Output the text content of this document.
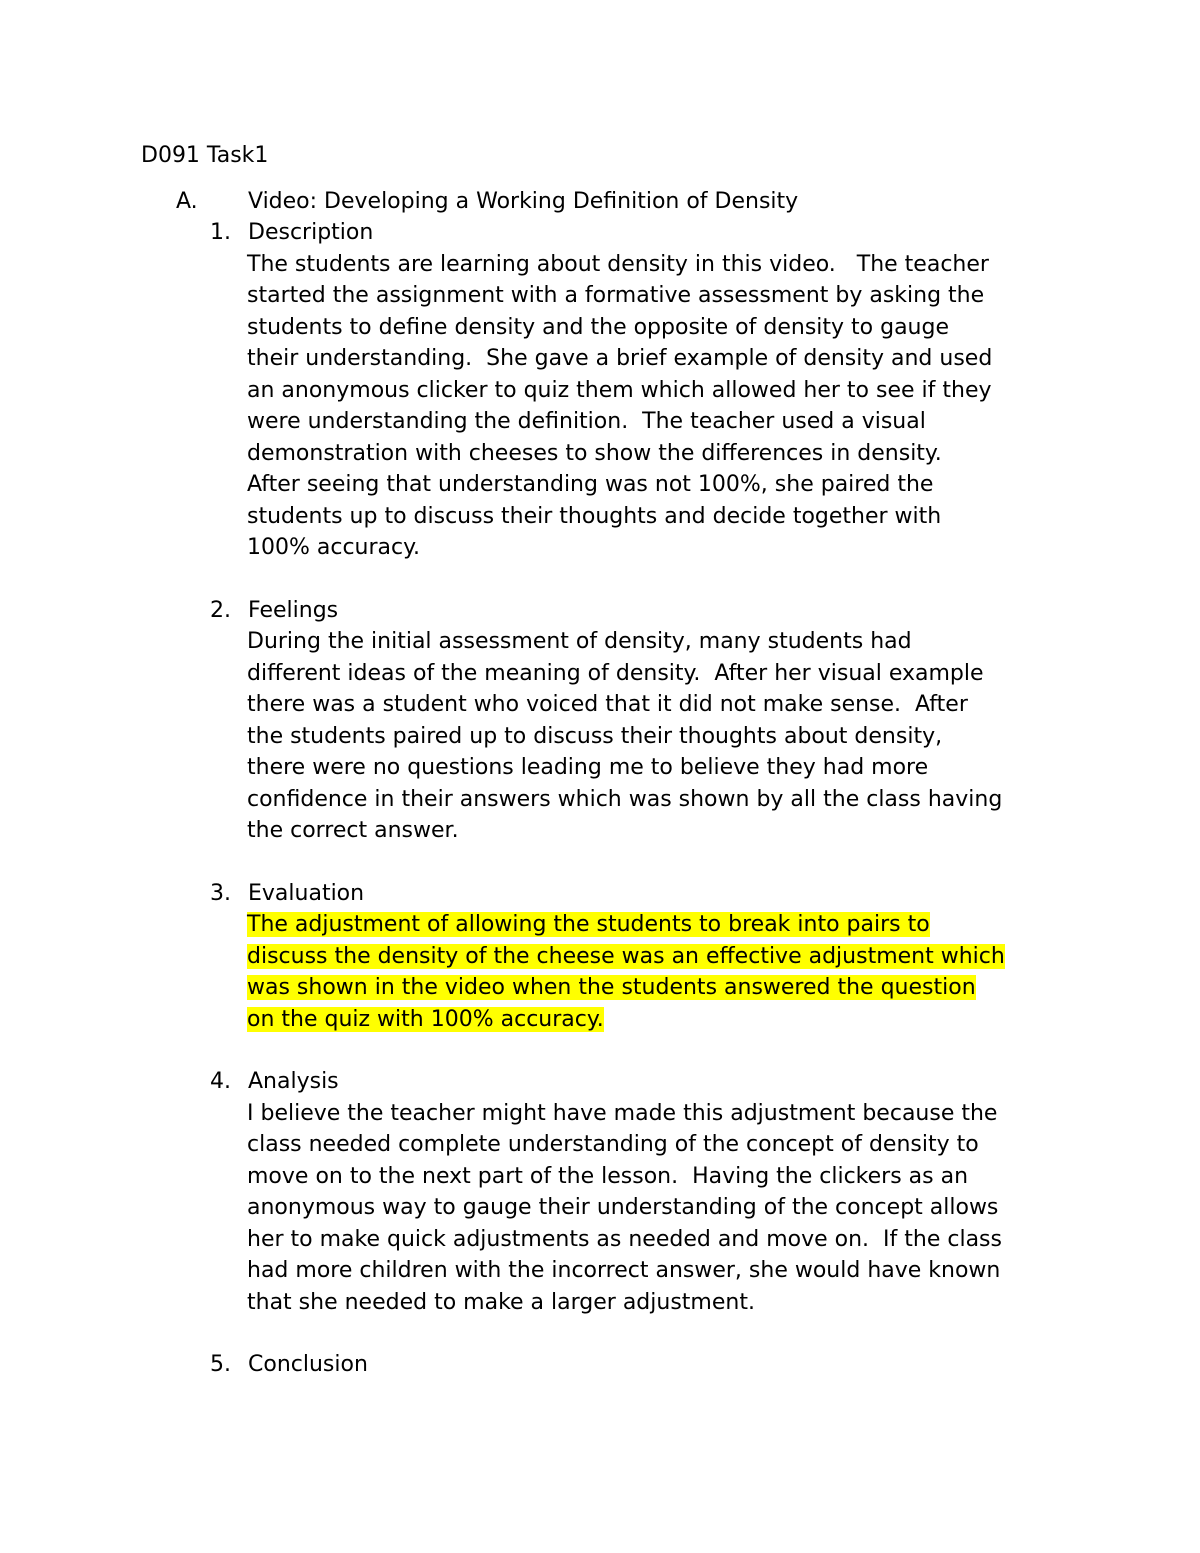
D091 Task1
A. Video: Developing a Working Definition of Density
1. Description
The students are learning about density in this video.   The teacher
started the assignment with a formative assessment by asking the
students to define density and the opposite of density to gauge
their understanding.  She gave a brief example of density and used
an anonymous clicker to quiz them which allowed her to see if they
were understanding the definition.  The teacher used a visual
demonstration with cheeses to show the differences in density.
After seeing that understanding was not 100%, she paired the
students up to discuss their thoughts and decide together with
100% accuracy.
2. Feelings
During the initial assessment of density, many students had
different ideas of the meaning of density.  After her visual example
there was a student who voiced that it did not make sense.  After
the students paired up to discuss their thoughts about density,
there were no questions leading me to believe they had more
confidence in their answers which was shown by all the class having
the correct answer.
3. Evaluation
The adjustment of allowing the students to break into pairs to
discuss the density of the cheese was an effective adjustment which
was shown in the video when the students answered the question
on the quiz with 100% accuracy.
4. Analysis
I believe the teacher might have made this adjustment because the
class needed complete understanding of the concept of density to
move on to the next part of the lesson.  Having the clickers as an
anonymous way to gauge their understanding of the concept allows
her to make quick adjustments as needed and move on.  If the class
had more children with the incorrect answer, she would have known
that she needed to make a larger adjustment.
5. Conclusion
